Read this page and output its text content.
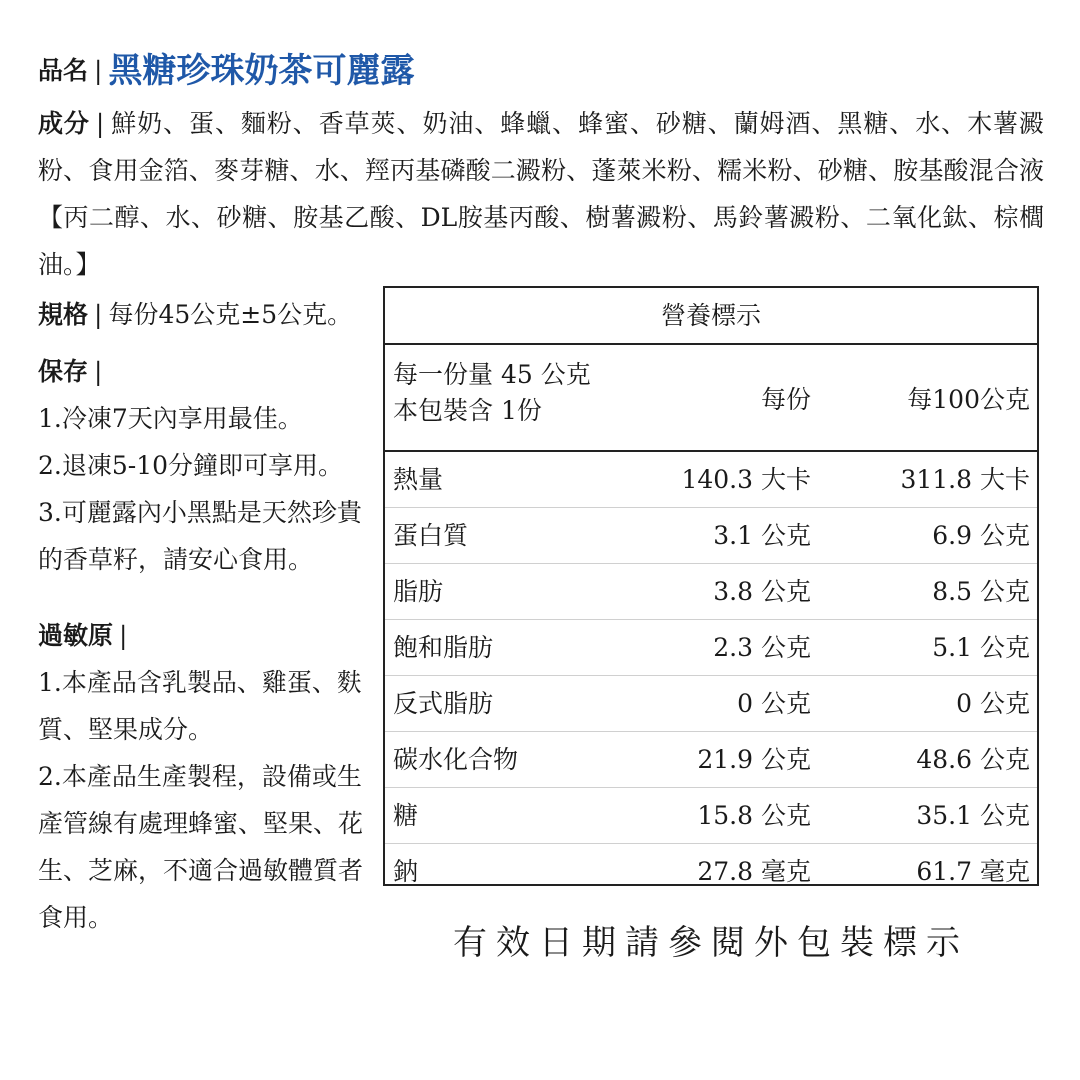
品名 | 黑糖珍珠奶茶可麗露
成分 | 鮮奶、蛋、麵粉、香草莢、奶油、蜂蠟、蜂蜜、砂糖、蘭姆酒、黑糖、水、木薯澱粉、食用金箔、麥芽糖、水、羥丙基磷酸二澱粉、蓬萊米粉、糯米粉、砂糖、胺基酸混合液【丙二醇、水、砂糖、胺基乙酸、DL胺基丙酸、樹薯澱粉、馬鈴薯澱粉、二氧化鈦、棕櫚油。】
規格 | 每份45公克±5公克。
保存 |
1.冷凍7天內享用最佳。
2.退凍5-10分鐘即可享用。
3.可麗露內小黑點是天然珍貴的香草籽，請安心食用。
過敏原 |
1.本產品含乳製品、雞蛋、麩質、堅果成分。
2.本產品生產製程，設備或生產管線有處理蜂蜜、堅果、花生、芝麻，不適合過敏體質者食用。
營養標示
每一份量 45 公克
本包裝含 1份	每份	每100公克
熱量	140.3 大卡	311.8 大卡
蛋白質	3.1 公克	6.9 公克
脂肪	3.8 公克	8.5 公克
飽和脂肪	2.3 公克	5.1 公克
反式脂肪	0 公克	0 公克
碳水化合物	21.9 公克	48.6 公克
糖	15.8 公克	35.1 公克
鈉	27.8 毫克	61.7 毫克
有效日期請參閱外包裝標示
